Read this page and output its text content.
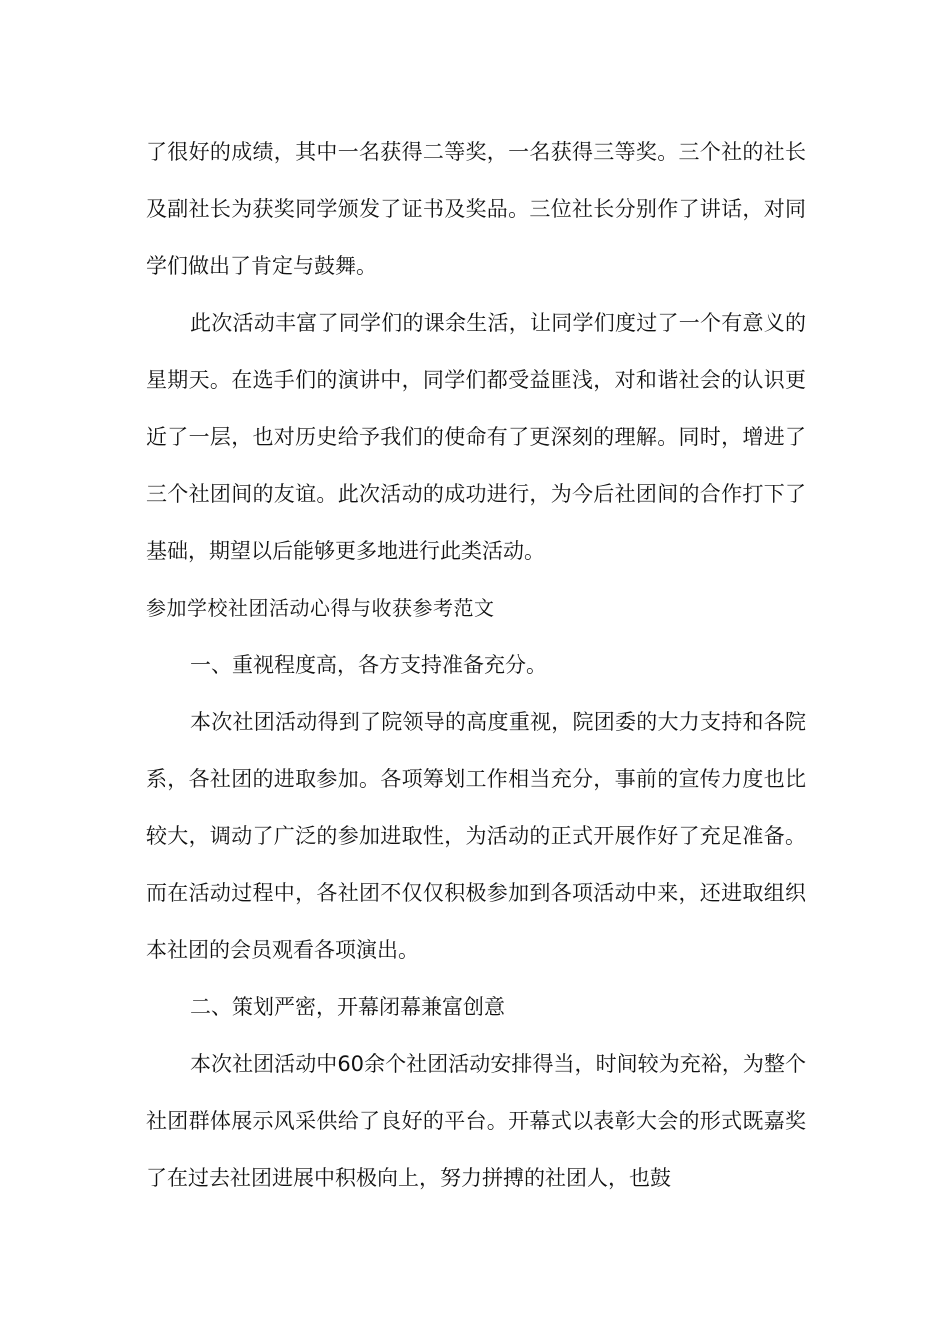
了很好的成绩，其中一名获得二等奖，一名获得三等奖。三个社的社长及副社长为获奖同学颁发了证书及奖品。三位社长分别作了讲话，对同学们做出了肯定与鼓舞。

此次活动丰富了同学们的课余生活，让同学们度过了一个有意义的星期天。在选手们的演讲中，同学们都受益匪浅，对和谐社会的认识更近了一层，也对历史给予我们的使命有了更深刻的理解。同时，增进了三个社团间的友谊。此次活动的成功进行，为今后社团间的合作打下了基础，期望以后能够更多地进行此类活动。

参加学校社团活动心得与收获参考范文

一、重视程度高，各方支持准备充分。

本次社团活动得到了院领导的高度重视，院团委的大力支持和各院系，各社团的进取参加。各项筹划工作相当充分，事前的宣传力度也比较大，调动了广泛的参加进取性，为活动的正式开展作好了充足准备。而在活动过程中，各社团不仅仅积极参加到各项活动中来，还进取组织本社团的会员观看各项演出。

二、策划严密，开幕闭幕兼富创意

本次社团活动中60余个社团活动安排得当，时间较为充裕，为整个社团群体展示风采供给了良好的平台。开幕式以表彰大会的形式既嘉奖了在过去社团进展中积极向上，努力拼搏的社团人，也鼓
